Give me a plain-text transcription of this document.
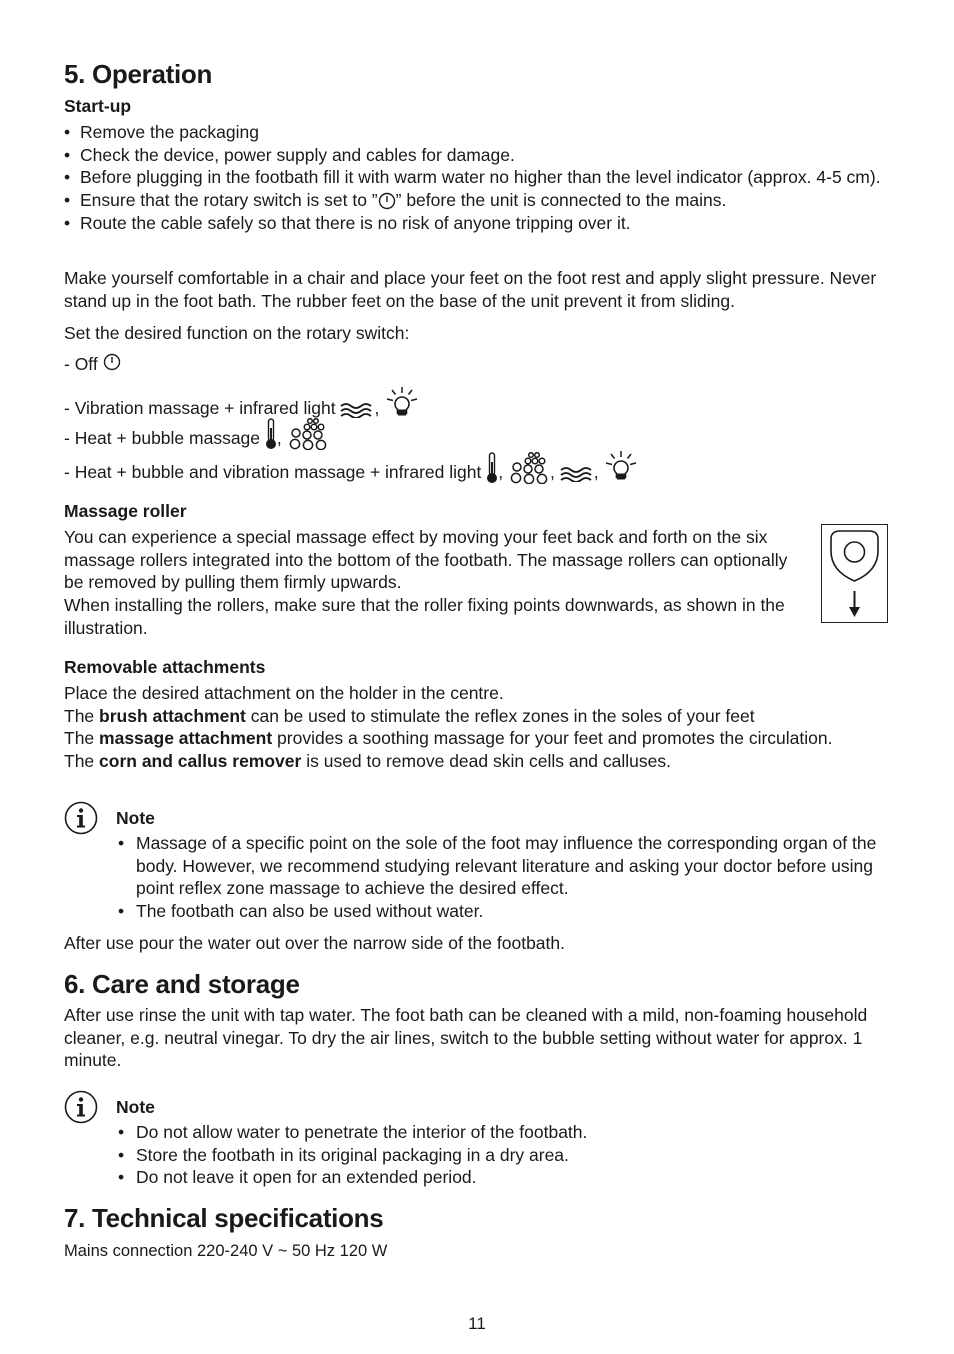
5. Operation
Start-up
• Remove the packaging
• Check the device, power supply and cables for damage.
• Before plugging in the footbath fill it with warm water no higher than the level indicator (approx. 4-5 cm).
• Ensure that the rotary switch is set to ” ” before the unit is connected to the mains.
• Route the cable safely so that there is no risk of anyone tripping over it.

Make yourself comfortable in a chair and place your feet on the foot rest and apply slight pressure. Never stand up in the foot bath. The rubber feet on the base of the unit prevent it from sliding.

Set the desired function on the rotary switch:

- Off
- Vibration massage + infrared light ,
- Heat + bubble massage ,
- Heat + bubble and vibration massage + infrared light , , ,
Massage roller

You can experience a special massage effect by moving your feet back and forth on the six massage rollers integrated into the bottom of the footbath. The massage rollers can optionally be removed by pulling them firmly upwards.

When installing the rollers, make sure that the roller fixing points downwards, as shown in the illustration.

Removable attachments

Place the desired attachment on the holder in the centre.

The brush attachment can be used to stimulate the reflex zones in the soles of your feet

The massage attachment provides a soothing massage for your feet and promotes the circulation.

The corn and callus remover is used to remove dead skin cells and calluses.

Note
• Massage of a specific point on the sole of the foot may influence the corresponding organ of the body. However, we recommend studying relevant literature and asking your doctor before using point reflex zone massage to achieve the desired effect.
• The footbath can also be used without water.

After use pour the water out over the narrow side of the footbath.

6. Care and storage

After use rinse the unit with tap water. The foot bath can be cleaned with a mild, non-foaming household cleaner, e.g. neutral vinegar. To dry the air lines, switch to the bubble setting without water for approx. 1 minute.

Note
• Do not allow water to penetrate the interior of the footbath.
• Store the footbath in its original packaging in a dry area.
• Do not leave it open for an extended period.
7. Technical specifications

Mains connection 220-240 V ~ 50 Hz 120 W

11
